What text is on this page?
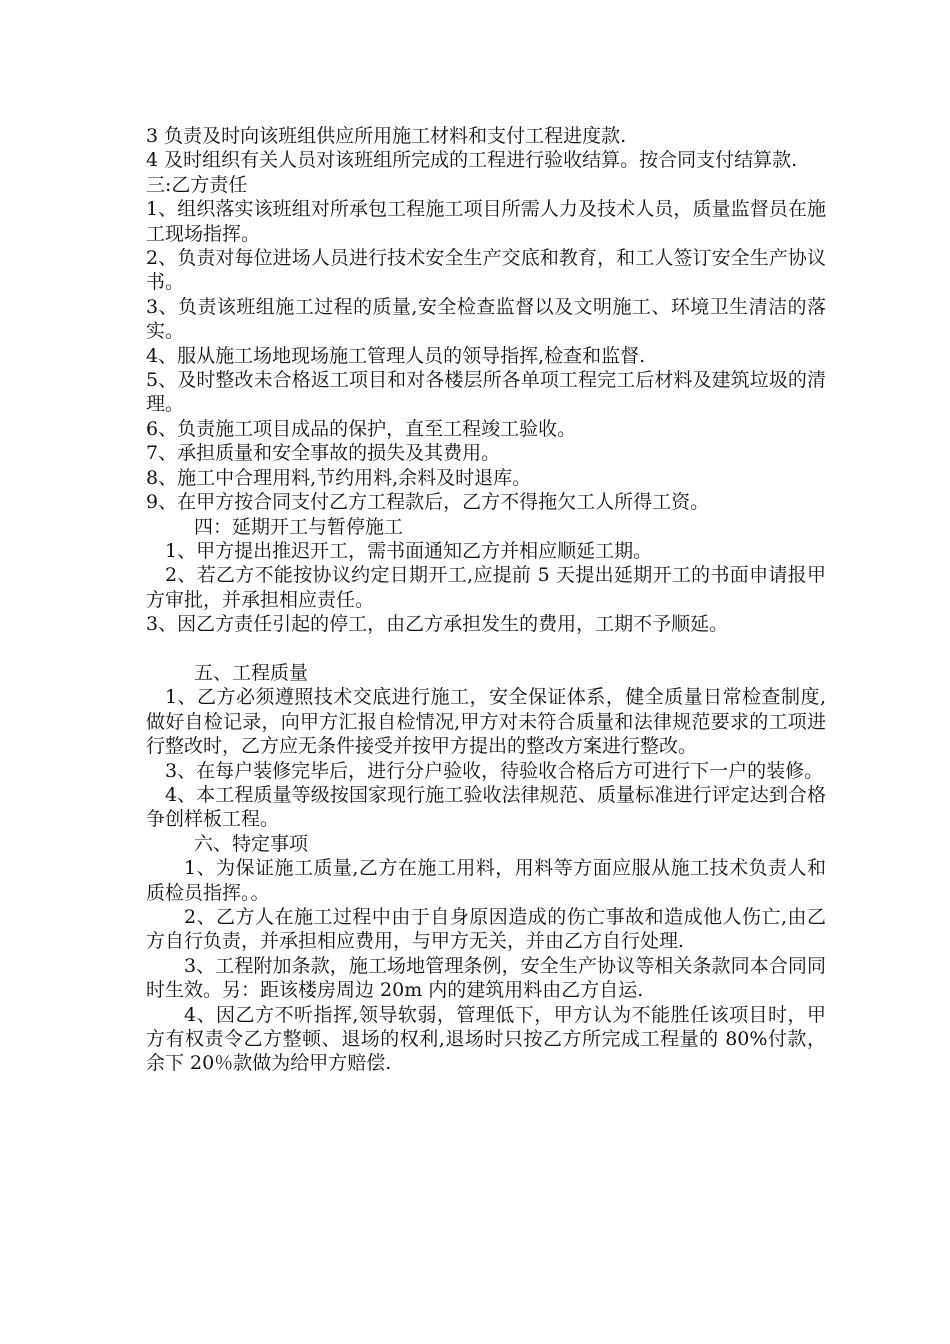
3 负责及时向该班组供应所用施工材料和支付工程进度款.

4 及时组织有关人员对该班组所完成的工程进行验收结算。按合同支付结算款.

三:乙方责任

1、组织落实该班组对所承包工程施工项目所需人力及技术人员，质量监督员在施工现场指挥。

2、负责对每位进场人员进行技术安全生产交底和教育，和工人签订安全生产协议书。

3、负责该班组施工过程的质量,安全检查监督以及文明施工、环境卫生清洁的落实。

4、服从施工场地现场施工管理人员的领导指挥,检查和监督.

5、及时整改未合格返工项目和对各楼层所各单项工程完工后材料及建筑垃圾的清理。

6、负责施工项目成品的保护，直至工程竣工验收。

7、承担质量和安全事故的损失及其费用。

8、施工中合理用料,节约用料,余料及时退库。

9、在甲方按合同支付乙方工程款后，乙方不得拖欠工人所得工资。

四：延期开工与暂停施工

1、甲方提出推迟开工，需书面通知乙方并相应顺延工期。

2、若乙方不能按协议约定日期开工,应提前 5 天提出延期开工的书面申请报甲方审批，并承担相应责任。

3、因乙方责任引起的停工，由乙方承担发生的费用，工期不予顺延。

五、工程质量

1、乙方必须遵照技术交底进行施工，安全保证体系，健全质量日常检查制度,做好自检记录，向甲方汇报自检情况,甲方对未符合质量和法律规范要求的工项进行整改时，乙方应无条件接受并按甲方提出的整改方案进行整改。

3、在每户装修完毕后，进行分户验收，待验收合格后方可进行下一户的装修。

4、本工程质量等级按国家现行施工验收法律规范、质量标准进行评定达到合格争创样板工程。

六、特定事项

1、为保证施工质量,乙方在施工用料，用料等方面应服从施工技术负责人和质检员指挥。。

2、乙方人在施工过程中由于自身原因造成的伤亡事故和造成他人伤亡,由乙方自行负责，并承担相应费用，与甲方无关，并由乙方自行处理.

3、工程附加条款，施工场地管理条例，安全生产协议等相关条款同本合同同时生效。另：距该楼房周边 20m 内的建筑用料由乙方自运.

4、因乙方不听指挥,领导软弱，管理低下，甲方认为不能胜任该项目时，甲方有权责令乙方整顿、退场的权利,退场时只按乙方所完成工程量的 80%付款，余下 20％款做为给甲方赔偿.
